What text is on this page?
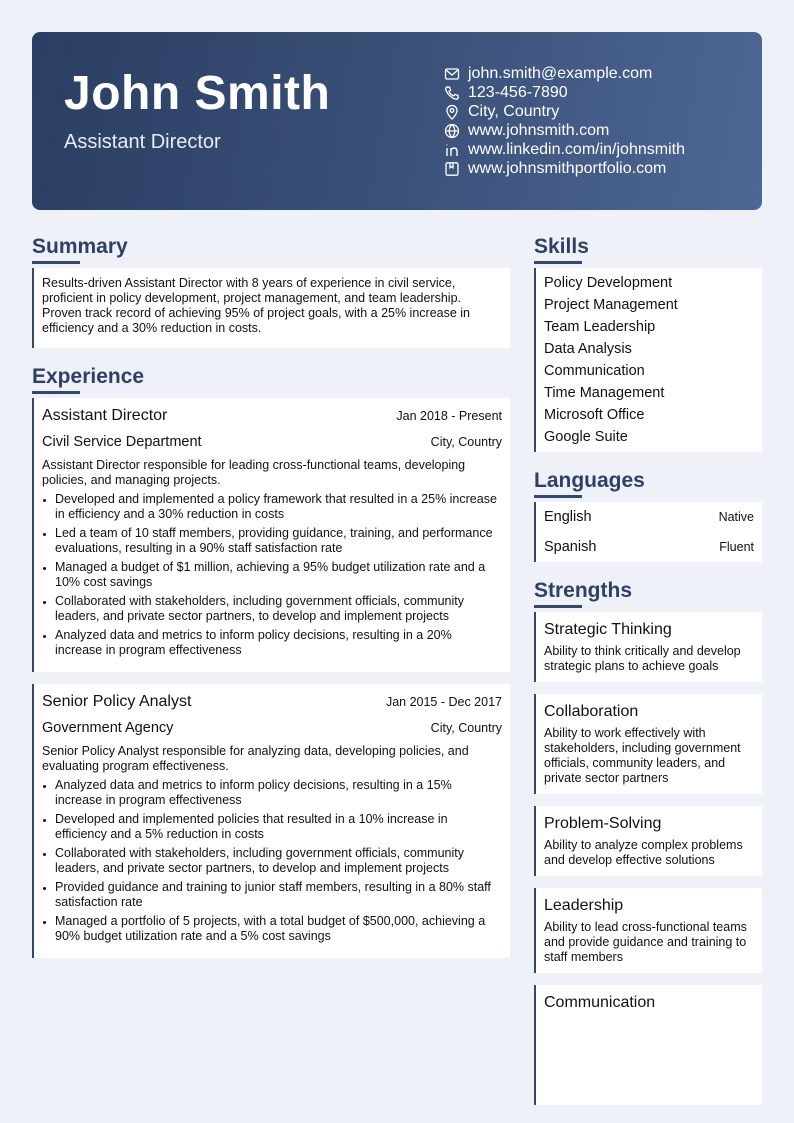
John Smith
Assistant Director
john.smith@example.com
123-456-7890
City, Country
www.johnsmith.com
www.linkedin.com/in/johnsmith
www.johnsmithportfolio.com
Summary
Results-driven Assistant Director with 8 years of experience in civil service, proficient in policy development, project management, and team leadership. Proven track record of achieving 95% of project goals, with a 25% increase in efficiency and a 30% reduction in costs.
Experience
Assistant Director	Jan 2018 - Present
Civil Service Department	City, Country
Assistant Director responsible for leading cross-functional teams, developing policies, and managing projects.
• Developed and implemented a policy framework that resulted in a 25% increase in efficiency and a 30% reduction in costs
• Led a team of 10 staff members, providing guidance, training, and performance evaluations, resulting in a 90% staff satisfaction rate
• Managed a budget of $1 million, achieving a 95% budget utilization rate and a 10% cost savings
• Collaborated with stakeholders, including government officials, community leaders, and private sector partners, to develop and implement projects
• Analyzed data and metrics to inform policy decisions, resulting in a 20% increase in program effectiveness
Senior Policy Analyst	Jan 2015 - Dec 2017
Government Agency	City, Country
Senior Policy Analyst responsible for analyzing data, developing policies, and evaluating program effectiveness.
• Analyzed data and metrics to inform policy decisions, resulting in a 15% increase in program effectiveness
• Developed and implemented policies that resulted in a 10% increase in efficiency and a 5% reduction in costs
• Collaborated with stakeholders, including government officials, community leaders, and private sector partners, to develop and implement projects
• Provided guidance and training to junior staff members, resulting in a 80% staff satisfaction rate
• Managed a portfolio of 5 projects, with a total budget of $500,000, achieving a 90% budget utilization rate and a 5% cost savings
Skills
Policy Development
Project Management
Team Leadership
Data Analysis
Communication
Time Management
Microsoft Office
Google Suite
Languages
English	Native
Spanish	Fluent
Strengths
Strategic Thinking
Ability to think critically and develop strategic plans to achieve goals
Collaboration
Ability to work effectively with stakeholders, including government officials, community leaders, and private sector partners
Problem-Solving
Ability to analyze complex problems and develop effective solutions
Leadership
Ability to lead cross-functional teams and provide guidance and training to staff members
Communication
